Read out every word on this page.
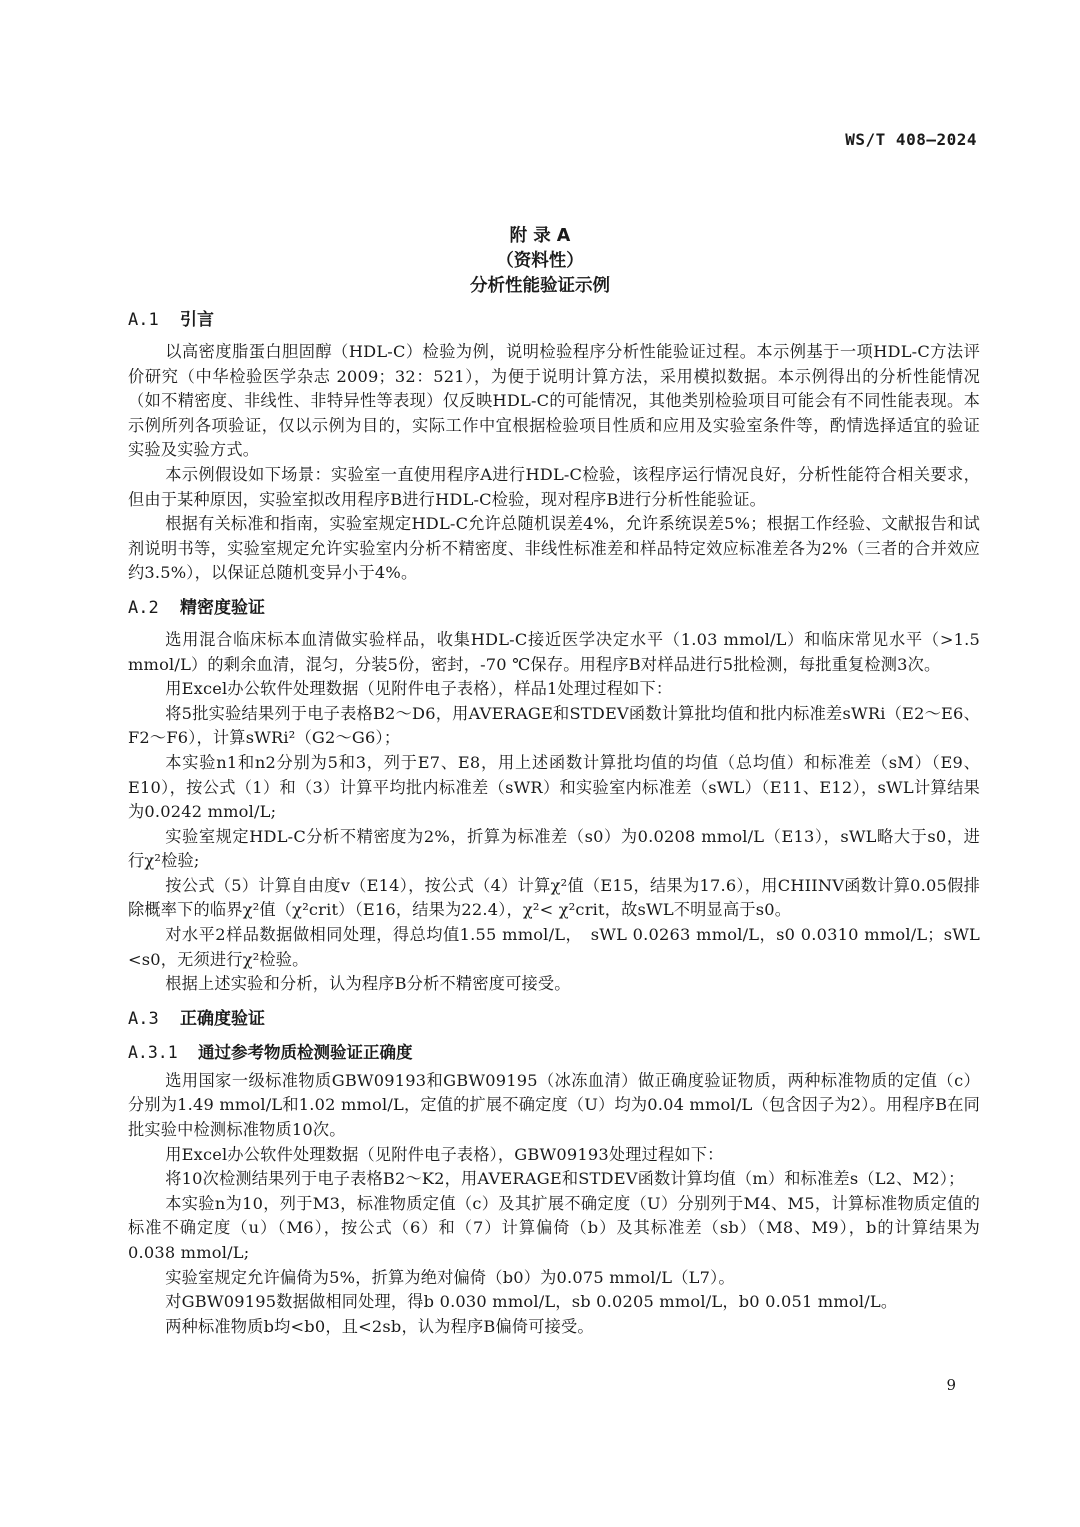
WS/T 408—2024
附 录 A
（资料性）
分析性能验证示例
A.1 引言

以高密度脂蛋白胆固醇（HDL-C）检验为例，说明检验程序分析性能验证过程。本示例基于一项HDL-C方法评价研究（中华检验医学杂志 2009；32：521），为便于说明计算方法，采用模拟数据。本示例得出的分析性能情况（如不精密度、非线性、非特异性等表现）仅反映HDL-C的可能情况，其他类别检验项目可能会有不同性能表现。本示例所列各项验证，仅以示例为目的，实际工作中宜根据检验项目性质和应用及实验室条件等，酌情选择适宜的验证实验及实验方式。

本示例假设如下场景：实验室一直使用程序A进行HDL-C检验，该程序运行情况良好，分析性能符合相关要求，但由于某种原因，实验室拟改用程序B进行HDL-C检验，现对程序B进行分析性能验证。

根据有关标准和指南，实验室规定HDL-C允许总随机误差4%，允许系统误差5%；根据工作经验、文献报告和试剂说明书等，实验室规定允许实验室内分析不精密度、非线性标准差和样品特定效应标准差各为2%（三者的合并效应约3.5%），以保证总随机变异小于4%。

A.2 精密度验证

选用混合临床标本血清做实验样品，收集HDL-C接近医学决定水平（1.03 mmol/L）和临床常见水平（>1.5 mmol/L）的剩余血清，混匀，分装5份，密封，-70 ℃保存。用程序B对样品进行5批检测，每批重复检测3次。

用Excel办公软件处理数据（见附件电子表格），样品1处理过程如下：

将5批实验结果列于电子表格B2～D6，用AVERAGE和STDEV函数计算批均值和批内标准差sWRi（E2～E6、F2～F6），计算sWRi²（G2～G6）；

本实验n1和n2分别为5和3，列于E7、E8，用上述函数计算批均值的均值（总均值）和标准差（sM）（E9、E10），按公式（1）和（3）计算平均批内标准差（sWR）和实验室内标准差（sWL）（E11、E12），sWL计算结果为0.0242 mmol/L;

实验室规定HDL-C分析不精密度为2%，折算为标准差（s0）为0.0208 mmol/L（E13），sWL略大于s0，进行χ²检验;

按公式（5）计算自由度v（E14），按公式（4）计算χ²值（E15，结果为17.6），用CHIINV函数计算0.05假排除概率下的临界χ²值（χ²crit）（E16，结果为22.4），χ²< χ²crit，故sWL不明显高于s0。

对水平2样品数据做相同处理，得总均值1.55 mmol/L，　sWL 0.0263 mmol/L，s0 0.0310 mmol/L；sWL <s0，无须进行χ²检验。

根据上述实验和分析，认为程序B分析不精密度可接受。

A.3 正确度验证
A.3.1 通过参考物质检测验证正确度

选用国家一级标准物质GBW09193和GBW09195（冰冻血清）做正确度验证物质，两种标准物质的定值（c）分别为1.49 mmol/L和1.02 mmol/L，定值的扩展不确定度（U）均为0.04 mmol/L（包含因子为2）。用程序B在同批实验中检测标准物质10次。

用Excel办公软件处理数据（见附件电子表格），GBW09193处理过程如下：

将10次检测结果列于电子表格B2～K2，用AVERAGE和STDEV函数计算均值（m）和标准差s（L2、M2）；

本实验n为10，列于M3，标准物质定值（c）及其扩展不确定度（U）分别列于M4、M5，计算标准物质定值的标准不确定度（u）（M6），按公式（6）和（7）计算偏倚（b）及其标准差（sb）（M8、M9），b的计算结果为0.038 mmol/L;

实验室规定允许偏倚为5%，折算为绝对偏倚（b0）为0.075 mmol/L（L7）。

对GBW09195数据做相同处理，得b 0.030 mmol/L，sb 0.0205 mmol/L，b0 0.051 mmol/L。

两种标准物质b均<b0，且<2sb，认为程序B偏倚可接受。

9
